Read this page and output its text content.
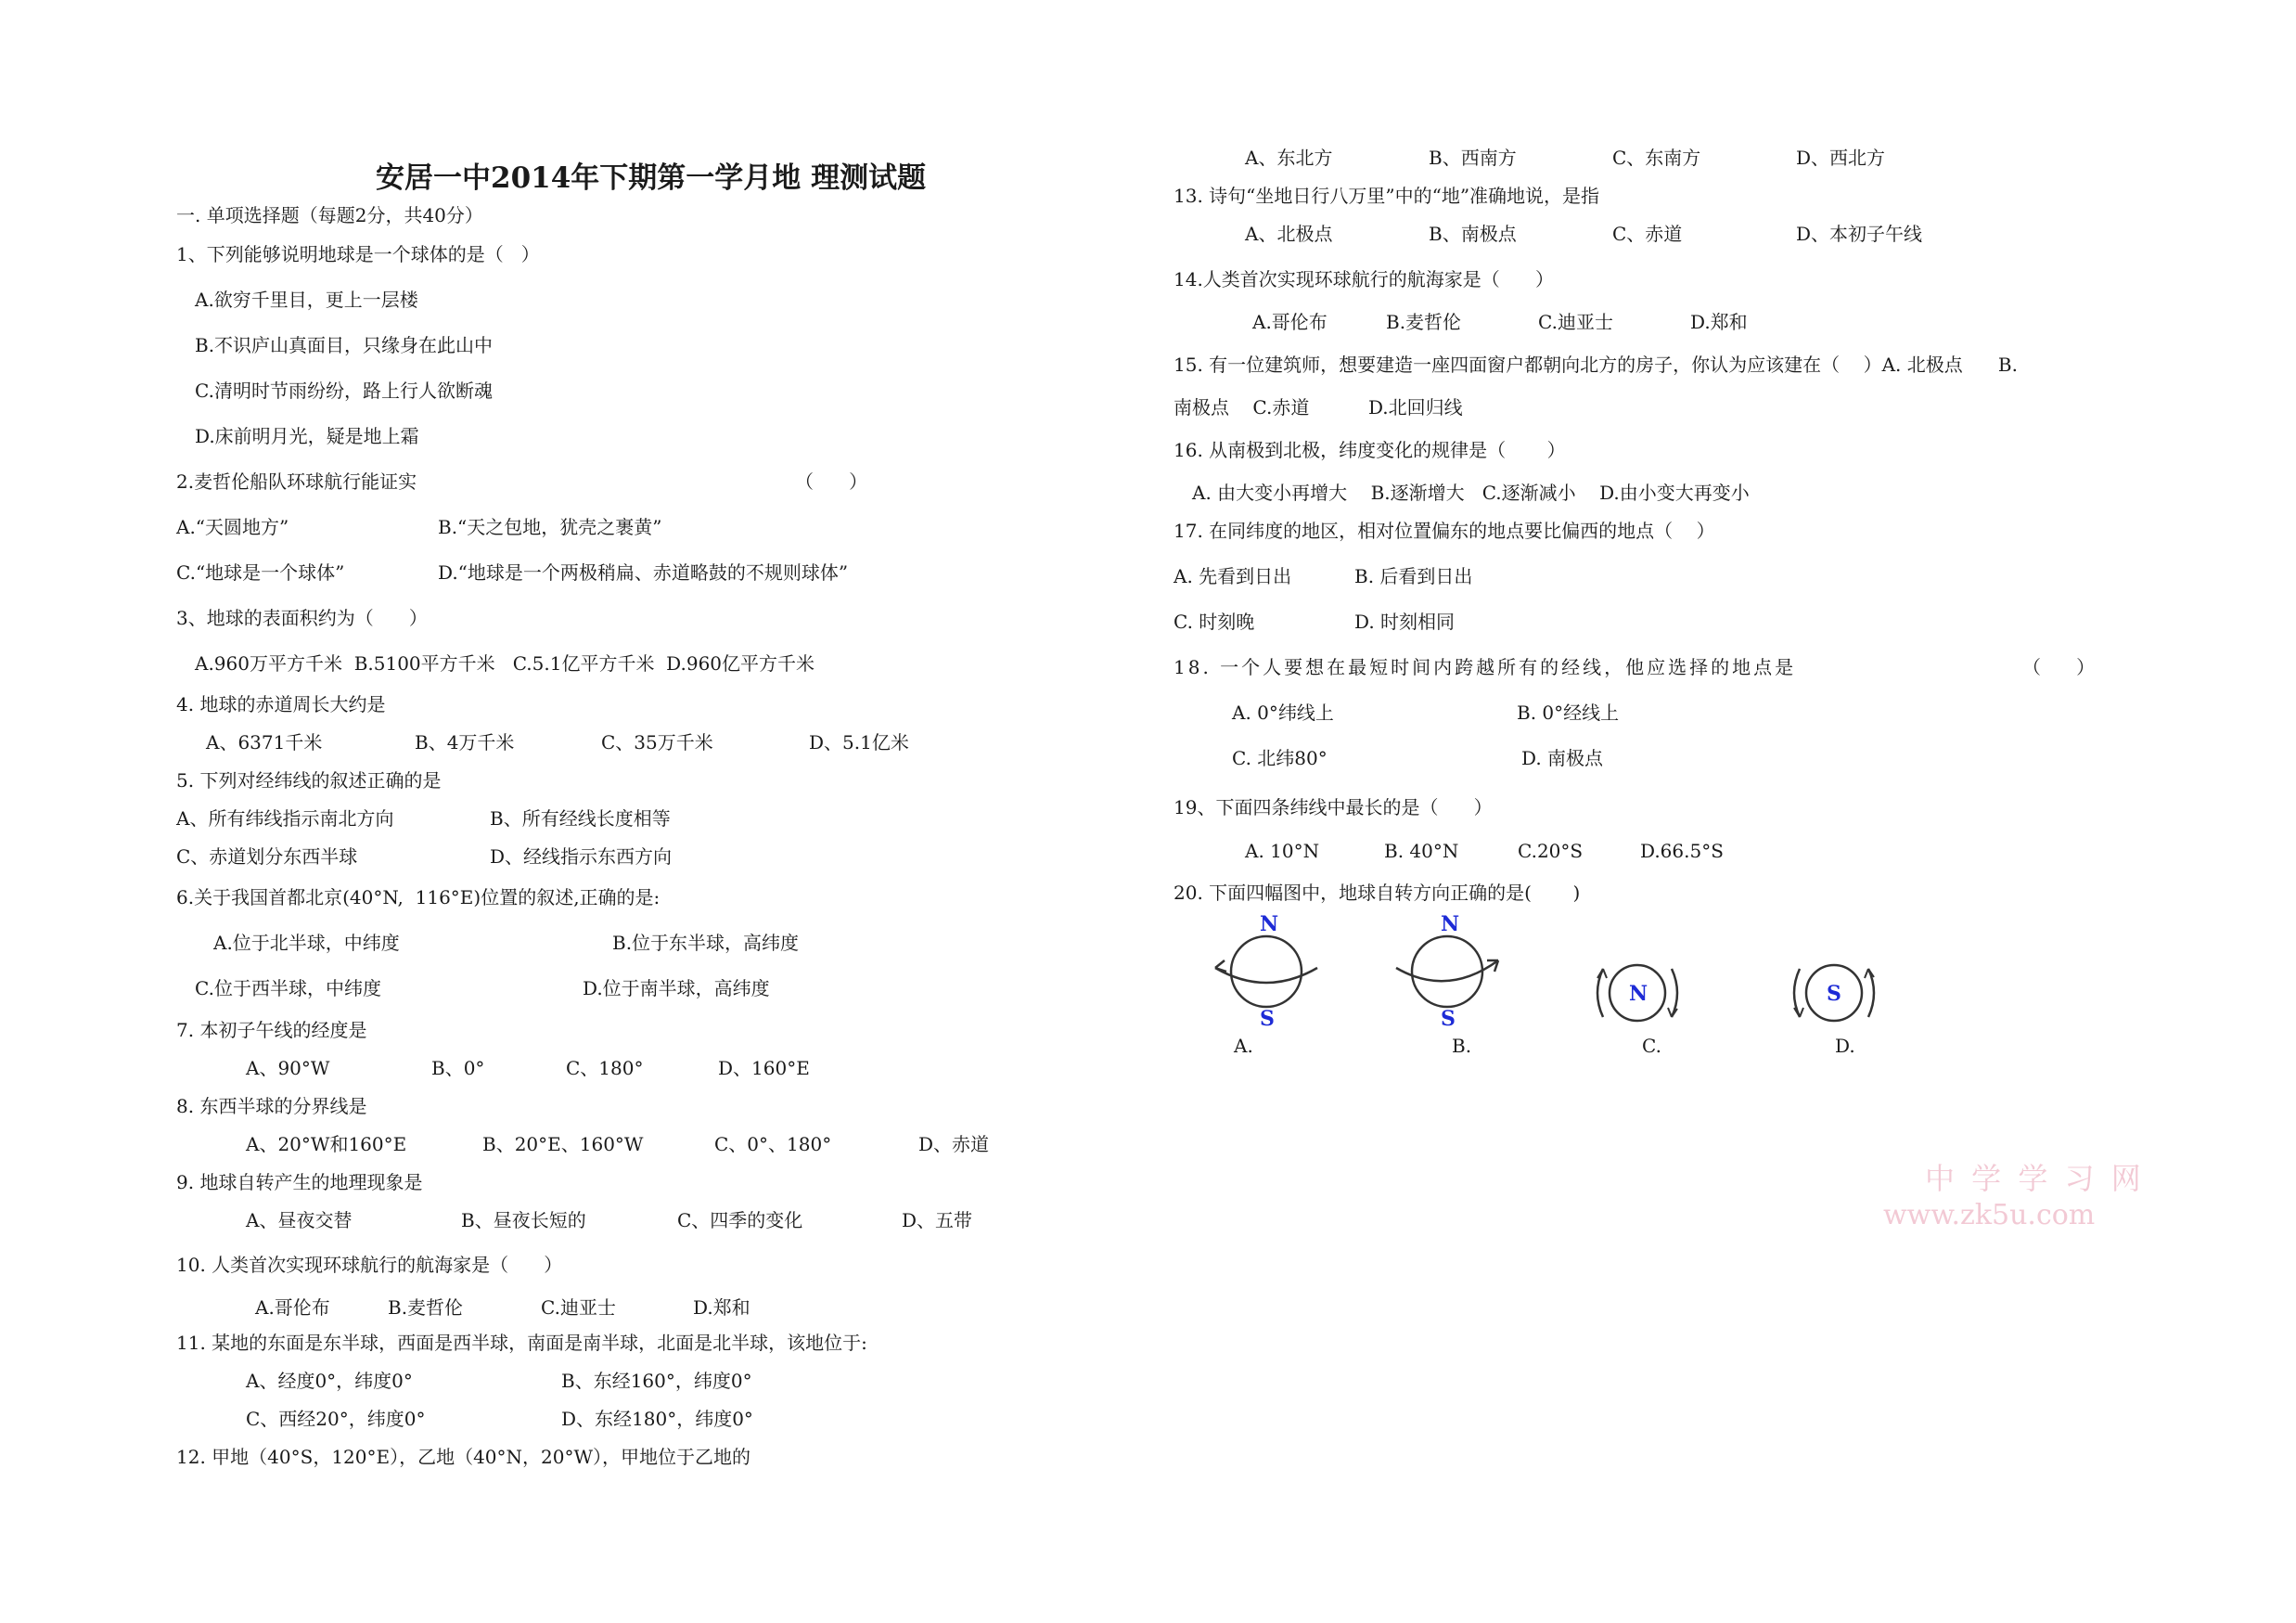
安居一中2014年下期第一学月地 理测试题
一. 单项选择题（每题2分，共40分）
1、下列能够说明地球是一个球体的是（   ）
A.欲穷千里目，更上一层楼
B.不识庐山真面目，只缘身在此山中
C.清明时节雨纷纷，路上行人欲断魂
D.床前明月光，疑是地上霜
2.麦哲伦船队环球航行能证实	（      ）
A.“天圆地方”	B.“天之包地，犹壳之裹黄”
C.“地球是一个球体”	D.“地球是一个两极稍扁、赤道略鼓的不规则球体”
3、地球的表面积约为（      ）
A.960万平方千米  B.5100平方千米   C.5.1亿平方千米  D.960亿平方千米
4. 地球的赤道周长大约是
A、6371千米	B、4万千米	C、35万千米	D、5.1亿米
5. 下列对经纬线的叙述正确的是
A、所有纬线指示南北方向	B、所有经线长度相等
C、赤道划分东西半球	D、经线指示东西方向
6.关于我国首都北京(40°N,  116°E)位置的叙述,正确的是:
A.位于北半球，中纬度	B.位于东半球，高纬度
C.位于西半球，中纬度	D.位于南半球，高纬度
7. 本初子午线的经度是
A、90°W	B、0°	C、180°	D、160°E
8. 东西半球的分界线是
A、20°W和160°E	B、20°E、160°W	C、0°、180°	D、赤道
9. 地球自转产生的地理现象是
A、昼夜交替	B、昼夜长短的	C、四季的变化	D、五带
10. 人类首次实现环球航行的航海家是（      ）
A.哥伦布	B.麦哲伦	C.迪亚士	D.郑和
11. 某地的东面是东半球，西面是西半球，南面是南半球，北面是北半球，该地位于:
A、经度0°，纬度0°	B、东经160°，纬度0°
C、西经20°，纬度0°	D、东经180°，纬度0°
12. 甲地（40°S，120°E），乙地（40°N，20°W），甲地位于乙地的
A、东北方	B、西南方	C、东南方	D、西北方
13. 诗句“坐地日行八万里”中的“地”准确地说，是指
A、北极点	B、南极点	C、赤道	D、本初子午线
14.人类首次实现环球航行的航海家是（      ）
A.哥伦布	B.麦哲伦	C.迪亚士	D.郑和
15. 有一位建筑师，想要建造一座四面窗户都朝向北方的房子，你认为应该建在（    ）A. 北极点      B.
南极点    C.赤道          D.北回归线
16. 从南极到北极，纬度变化的规律是（       ）
A. 由大变小再增大    B.逐渐增大   C.逐渐减小    D.由小变大再变小
17. 在同纬度的地区，相对位置偏东的地点要比偏西的地点（    ）
A. 先看到日出	B. 后看到日出
C. 时刻晚	D. 时刻相同
18. 一个人要想在最短时间内跨越所有的经线，他应选择的地点是	（      ）
A. 0°纬线上	B. 0°经线上
C. 北纬80°	D. 南极点
19、下面四条纬线中最长的是（      ）
A. 10°N	B. 40°N	C.20°S	D.66.5°S
20. 下面四幅图中，地球自转方向正确的是(       )
N
S
A.
N
S
B.
N
C.
S
D.
中 学 学 习 网
www.zk5u.com
